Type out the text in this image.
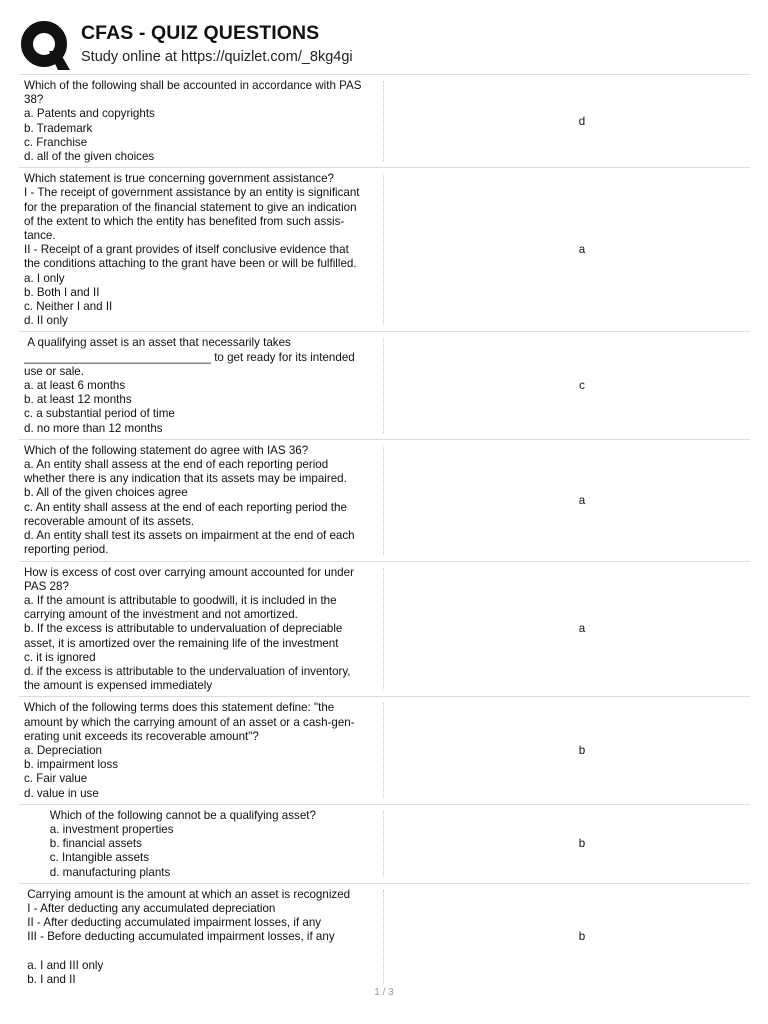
CFAS - QUIZ QUESTIONS
Study online at https://quizlet.com/_8kg4gi
Which of the following shall be accounted in accordance with PAS
38?
a. Patents and copyrights
b. Trademark
c. Franchise
d. all of the given choices
d
Which statement is true concerning government assistance?
I - The receipt of government assistance by an entity is significant
for the preparation of the financial statement to give an indication
of the extent to which the entity has benefited from such assis-
tance.
II - Receipt of a grant provides of itself conclusive evidence that
the conditions attaching to the grant have been or will be fulfilled.
a. I only
b. Both I and II
c. Neither I and II
d. II only
a
A qualifying asset is an asset that necessarily takes
_____________________________ to get ready for its intended
use or sale.
a. at least 6 months
b. at least 12 months
c. a substantial period of time
d. no more than 12 months
c
Which of the following statement do agree with IAS 36?
a. An entity shall assess at the end of each reporting period
whether there is any indication that its assets may be impaired.
b. All of the given choices agree
c. An entity shall assess at the end of each reporting period the
recoverable amount of its assets.
d. An entity shall test its assets on impairment at the end of each
reporting period.
a
How is excess of cost over carrying amount accounted for under
PAS 28?
a. If the amount is attributable to goodwill, it is included in the
carrying amount of the investment and not amortized.
b. If the excess is attributable to undervaluation of depreciable
asset, it is amortized over the remaining life of the investment
c. it is ignored
d. if the excess is attributable to the undervaluation of inventory,
the amount is expensed immediately
a
Which of the following terms does this statement define: "the
amount by which the carrying amount of an asset or a cash-gen-
erating unit exceeds its recoverable amount"?
a. Depreciation
b. impairment loss
c. Fair value
d. value in use
b
Which of the following cannot be a qualifying asset?
a. investment properties
b. financial assets
c. Intangible assets
d. manufacturing plants
b
Carrying amount is the amount at which an asset is recognized
I - After deducting any accumulated depreciation
II - After deducting accumulated impairment losses, if any
III - Before deducting accumulated impairment losses, if any

a. I and III only
b. I and II
b
1 / 3
